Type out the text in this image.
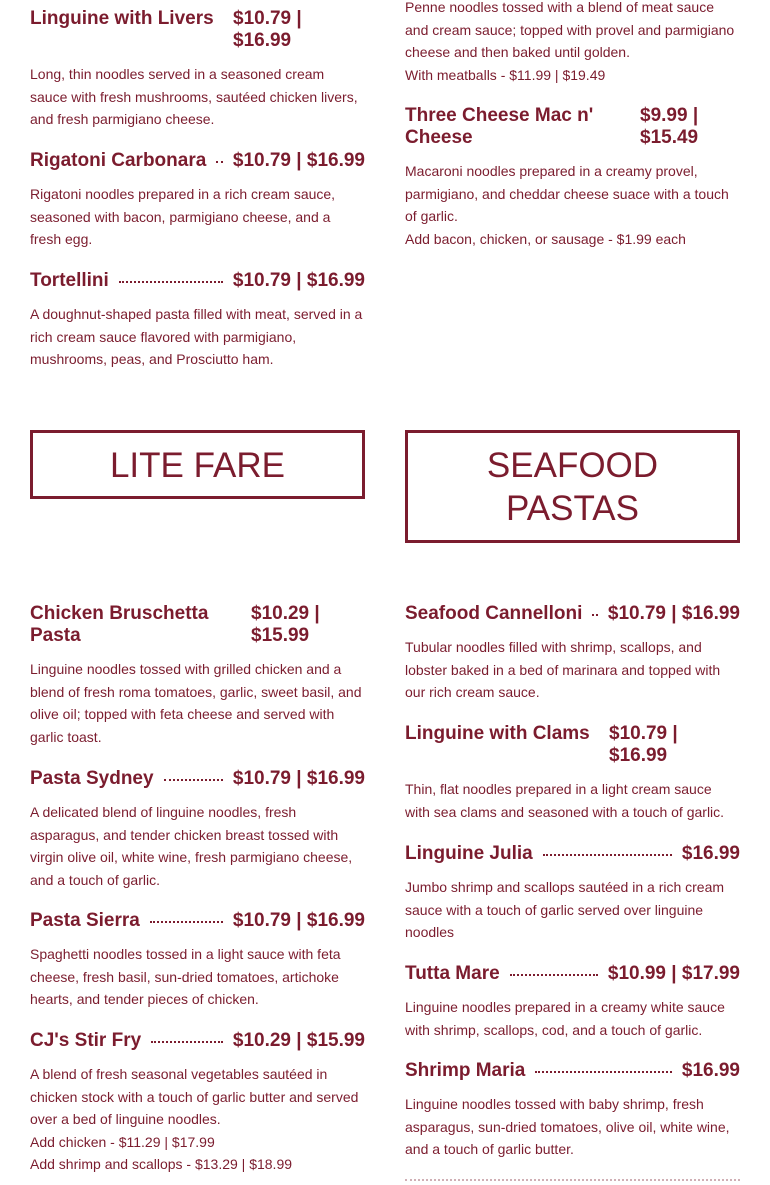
Linguine with Livers	$10.79 | $16.99
Long, thin noodles served in a seasoned cream sauce with fresh mushrooms, sautéed chicken livers, and fresh parmigiano cheese.
Rigatoni Carbonara $10.79 | $16.99
Rigatoni noodles prepared in a rich cream sauce, seasoned with bacon, parmigiano cheese, and a fresh egg.
Tortellini	$10.79 | $16.99
A doughnut-shaped pasta filled with meat, served in a rich cream sauce flavored with parmigiano, mushrooms, peas, and Prosciutto ham.
Penne noodles tossed with a blend of meat sauce and cream sauce; topped with provel and parmigiano cheese and then baked until golden.
With meatballs - $11.99 | $19.49
Three Cheese Mac n' Cheese
$9.99 | $15.49
Macaroni noodles prepared in a creamy provel, parmigiano, and cheddar cheese suace with a touch of garlic.
Add bacon, chicken, or sausage - $1.99 each
LITE FARE	SEAFOOD
PASTAS
Chicken Bruschetta Pasta
$10.29 | $15.99
Linguine noodles tossed with grilled chicken and a blend of fresh roma tomatoes, garlic, sweet basil, and olive oil; topped with feta cheese and served with garlic toast.
Pasta Sydney	$10.79 | $16.99
A delicated blend of linguine noodles, fresh asparagus, and tender chicken breast tossed with virgin olive oil, white wine, fresh parmigiano cheese, and a touch of garlic.
Pasta Sierra	$10.79 | $16.99
Spaghetti noodles tossed in a light sauce with feta cheese, fresh basil, sun-dried tomatoes, artichoke hearts, and tender pieces of chicken.
CJ's Stir Fry	$10.29 | $15.99
A blend of fresh seasonal vegetables sautéed in chicken stock with a touch of garlic butter and served over a bed of linguine noodles.
Add chicken - $11.29 | $17.99
Add shrimp and scallops - $13.29 | $18.99
Seafood Cannelloni $10.79 | $16.99
Tubular noodles filled with shrimp, scallops, and lobster baked in a bed of marinara and topped with our rich cream sauce.
Linguine with Clams	$10.79 | $16.99
Thin, flat noodles prepared in a light cream sauce with sea clams and seasoned with a touch of garlic.
Linguine Julia	$16.99
Jumbo shrimp and scallops sautéed in a rich cream sauce with a touch of garlic served over linguine noodles
Tutta Mare	$10.99 | $17.99
Linguine noodles prepared in a creamy white sauce with shrimp, scallops, cod, and a touch of garlic.
Shrimp Maria	$16.99
Linguine noodles tossed with baby shrimp, fresh asparagus, sun-dried tomatoes, olive oil, white wine, and a touch of garlic butter.
